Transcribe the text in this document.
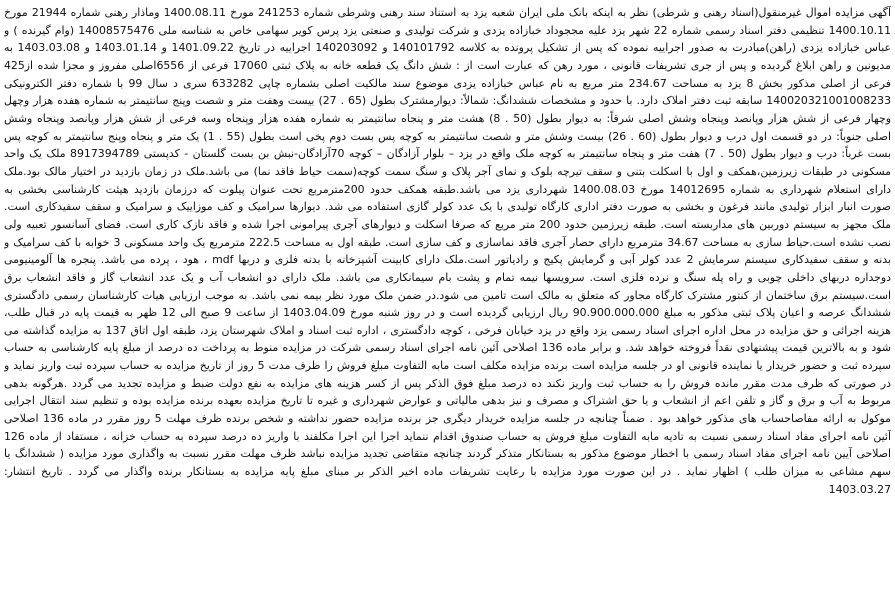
آگهی مزایده اموال غیرمنقول(اسناد رهنی و شرطی) نظر به اینکه بانک ملی ایران شعبه یزد به استناد سند رهنی وشرطی شماره 241253 مورخ 1400.08.11 وماذار رهنی شماره 21944 مورخ 1400.10.11 تنظیمی دفتر اسناد رسمی شماره 22 شهر یزد علیه مججوداد خبازاده یزدی و شرکت تولیدی و صنعتی یزد پرس کویر سهامی خاص به شناسه ملی 14008575476 (وام گیرنده ) و عباس خبازاده یزدی (راهن)مبادرت به صدور اجراییه نموده که پس از تشکیل پرونده به کلاسه 140101792 و 140203092 اجراییه در تاریخ 1401.09.22 و 1403.01.14 و 1403.03.08 به مدیونین و راهن ابلاغ گردیده و پس از جری تشریفات قانونی ، مورد رهن که عبارت است از : شش دانگ یک قطعه خانه به پلاک ثبتی 17060 فرعی از 6556اصلی مفروز و مجزا شده از425 فرعی از اصلی مذکور بخش 8 یزد به مساحت 234.67 متر مربع به نام عباس خبازاده یزدی موضوع سند مالکیت اصلی بشماره چاپی 633282 سری د سال 99 با شماره دفتر الکترونیکی 140020321001008233 سابقه ثبت دفتر املاک دارد. با حدود و مشخصات ششدانگ: شمالاً: دیوارمشترک بطول (65 . 27) بیست وهفت متر و شصت وپنج سانتیمتر به شماره هفده هزار وچهل وچهار فرعی از شش هزار وپانصد وپنجاه وشش اصلی شرقاً: به دیوار بطول (50 . 8) هشت متر و پنجاه سانتیمتر به شماره هفده هزار وپنجاه وسه فرعی از شش هزار وپانصد وپنجاه وشش اصلی جنوباً: در دو قسمت اول درب و دیوار بطول (60 . 26) بیست وشش متر و شصت سانتیمتر به کوچه پس بست دوم پخی است بطول (55 . 1) یک متر و پنجاه وپنج سانتیمتر به کوچه پس بست غرباً: درب و دیوار بطول (50 . 7) هفت متر و پنجاه سانتیمتر به کوچه ملک واقع در یزد – بلوار آزادگان – کوچه 70آزادگان-نبش بن بست گلستان - کدپستی 8917394789 ملک یک واحد مسکونی در طبقات زیرزمین،همکف و اول با اسکلت بتنی و سقف تیرچه بلوک و نمای آجر پلاک و سنگ سمت کوچه(سمت حیاط فاقد نما) می باشد.ملک در زمان بازدید در اختیار مالک بود.ملک دارای استعلام شهرداری به شماره 14012695 مورخ 1400.08.03 شهرداری یزد می باشد.طبقه همکف حدود 200مترمربع تحت عنوان پیلوت که درزمان بازدید هیئت کارشناسی بخشی به صورت انبار ابزار تولیدی مانند فرغون و بخشی به صورت دفتر اداری کارگاه تولیدی با یک عدد کولر گازی استفاده می شد. دیوارها سرامیک و کف موزاییک و سرامیک و سقف سفیدکاری است. ملک مجهز به سیستم دوربین های مداربسته است. طبقه زیرزمین حدود 200 متر مربع که صرفا اسکلت و دیوارهای آجری پیرامونی اجرا شده و فاقد نازک کاری است. فضای آسانسور تعبیه ولی نصب نشده است.حیاط سازی به مساحت 34.67 مترمربع دارای حصار آجری فاقد نماسازی و کف سازی است. طبقه اول به مساحت 222.5 مترمربع یک واحد مسکونی 3 خوابه با کف سرامیک و بدنه و سقف سفیدکاری سیستم سرمایش 2 عدد کولر آبی و گرمایش پکیج و رادیاتور است.ملک دارای کابینت آشپزخانه با بدنه فلزی و دربها mdf ، هود ، پرده می باشد. پنجره ها آلومینیومی دوجداره دربهای داخلی چوبی و راه پله سنگ و نرده فلزی است. سرویسها نیمه تمام و پشت بام سیمانکاری می باشد. ملک دارای دو انشعاب آب و یک عدد انشعاب گاز و فاقد انشعاب برق است.سیستم برق ساختمان از کنتور مشترک کارگاه مجاور که متعلق به مالک است تامین می شود.در ضمن ملک مورد نظر بیمه نمی باشد. به موجب ارزیابی هیات کارشناسان رسمی دادگستری ششدانگ عرصه و اعیان پلاک ثبتی مذکور به مبلغ 90.900.000.000 ریال ارزیابی گردیده است و در روز شنبه مورخ 1403.04.09 از ساعت 9 صبح الی 12 ظهر به قیمت پایه در قبال طلب، هزینه اجرائی و حق مزایده در محل اداره اجرای اسناد رسمی یزد واقع در یزد خیابان فرخی ، کوچه دادگستری ، اداره ثبت اسناد و املاک شهرستان یزد، طبقه اول اتاق 137 به مزایده گذاشته می شود و به بالاترین قیمت پیشنهادی نقداً فروخته خواهد شد. و برابر ماده 136 اصلاحی آئین نامه اجرای اسناد رسمی شرکت در مزایده منوط به پرداخت ده درصد از مبلغ پایه کارشناسی به حساب سپرده ثبت و حضور خریدار یا نماینده قانونی او در جلسه مزایده است برنده مزایده مکلف است مابه التفاوت مبلغ فروش را ظرف مدت 5 روز از تاریخ مزایده به حساب سپرده ثبت واریز نماید و در صورتی که ظرف مدت مقرر مانده فروش را به حساب ثبت واریز نکند ده درصد مبلغ فوق الذکر پس از کسر هزینه های مزایده به نفع دولت ضبط و مزایده تجدید می گردد .هرگونه بدهی مربوط به آب و برق و گاز و تلفن اعم از انشعاب و یا حق اشتراک و مصرف و نیز بدهی مالیاتی و عوارض شهرداری و غیره تا تاریخ مزایده بعهده برنده مزایده بوده و تنظیم سند انتقال اجرایی موکول به ارائه مفاصاحساب های مذکور خواهد بود . ضمناً چنانچه در جلسه مزایده خریدار دیگری جز برنده مزایده حضور نداشته و شخص برنده ظرف مهلت 5 روز مقرر در ماده 136 اصلاحی آئین نامه اجرای مفاد اسناد رسمی نسبت به تادیه مابه التفاوت مبلغ فروش به حساب صندوق اقدام ننماید اجرا این اجرا مکلفند با واریز ده درصد سپرده به حساب خزانه ، مستفاد از ماده 126 اصلاحی آیین نامه اجرای مفاد اسناد رسمی با اخطار موضوع مذکور به بستانکار متذکر گردند چنانچه متقاضی تجدید مزایده نباشد ظرف مهلت مقرر نسبت به واگذاری مورد مزایده ( ششدانگ یا سهم مشاعی به میزان طلب ) اظهار نماید . در این صورت مورد مزایده با رعایت تشریفات ماده اخیر الذکر بر مبنای مبلغ پایه مزایده به بستانکار برنده واگذار می گردد . تاریخ انتشار: 1403.03.27
